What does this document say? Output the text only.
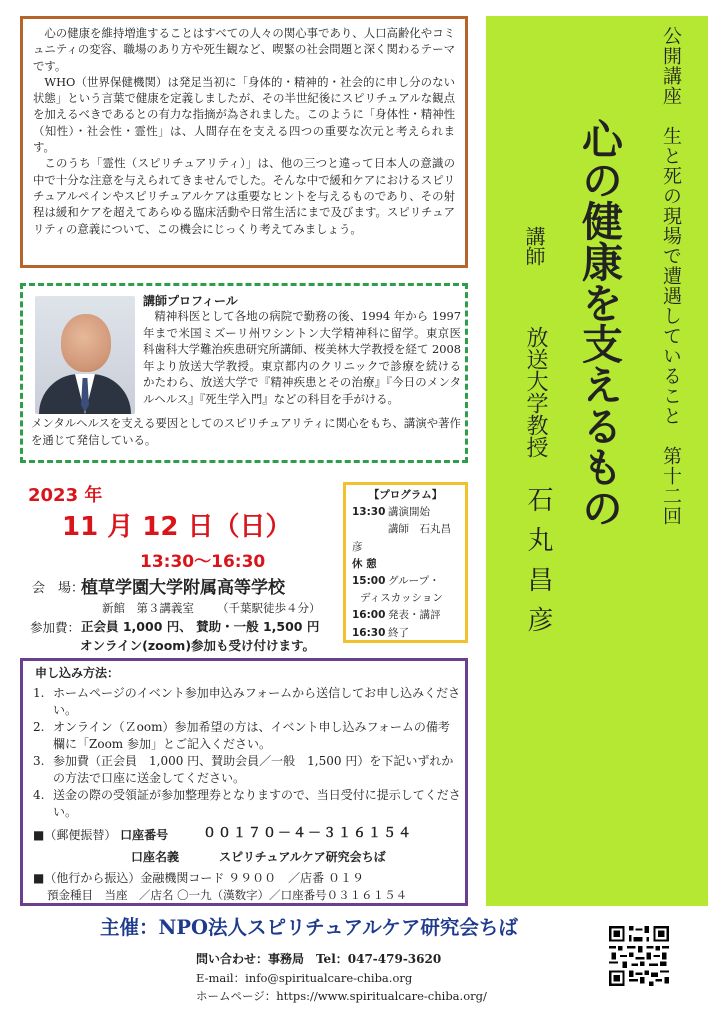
心の健康を維持増進することはすべての人々の関心事であり、人口高齢化やコミュニティの変容、職場のあり方や死生観など、喫緊の社会問題と深く関わるテーマです。

WHO（世界保健機関）は発足当初に「身体的・精神的・社会的に申し分のない状態」という言葉で健康を定義しましたが、その半世紀後にスピリチュアルな観点を加えるべきであるとの有力な指摘が為されました。このように「身体性・精神性（知性）・社会性・霊性」は、人間存在を支える四つの重要な次元と考えられます。

このうち「霊性（スピリチュアリティ）」は、他の三つと違って日本人の意識の中で十分な注意を与えられてきませんでした。そんな中で緩和ケアにおけるスピリチュアルペインやスピリチュアルケアは重要なヒントを与えるものであり、その射程は緩和ケアを超えてあらゆる臨床活動や日常生活にまで及びます。スピリチュアリティの意義について、この機会にじっくり考えてみましょう。

講師プロフィール

精神科医として各地の病院で勤務の後、1994 年から 1997 年まで米国ミズーリ州ワシントン大学精神科に留学。東京医科歯科大学難治疾患研究所講師、桜美林大学教授を経て 2008 年より放送大学教授。東京都内のクリニックで診療を続けるかたわら、放送大学で『精神疾患とその治療』『今日のメンタルヘルス』『死生学入門』などの科目を手がける。

メンタルヘルスを支える要因としてのスピリチュアリティに関心をもち、講演や著作を通じて発信している。

2023 年
11 月 12 日（日）
13:30〜16:30
会　場：
植草学園大学附属高等学校
新館　第３講義室 （千葉駅徒歩４分）
参加費： 正会員 1,000 円、 賛助・一般 1,500 円
オンライン(zoom)参加も受け付けます。
【プログラム】
13:30 講演開始
講師　石丸昌彦
休 憩
15:00 グループ・
ディスカッション
16:00 発表・講評
16:30 終了
申し込み方法：
1. ホームページのイベント参加申込みフォームから送信してお申し込みください。
2. オンライン（Ｚoom）参加希望の方は、イベント申し込みフォームの備考欄に「Zoom 参加」とご記入ください。
3. 参加費（正会員　1,000 円、賛助会員／一般　1,500 円）を下記いずれかの方法で口座に送金してください。
4. 送金の際の受領証が参加整理券となりますので、当日受付に提示してください。
■（郵便振替） 口座番号	００１７０－４－３１６１５４
口座名義	スピリチュアルケア研究会ちば
■（他行から振込）金融機関コード ９９００　／店番 ０１９
預金種目　当座　／店名 〇一九（漢数字）／口座番号０３１６１５４
公開講座　生と死の現場で遭遇していること　第十二回
心の健康を支えるもの
講師
放送大学教授
石丸昌彦
主催：NPO法人スピリチュアルケア研究会ちば
問い合わせ：事務局　Tel：047-479-3620
E-mail：info@spiritualcare-chiba.org
ホームページ：https://www.spiritualcare-chiba.org/
